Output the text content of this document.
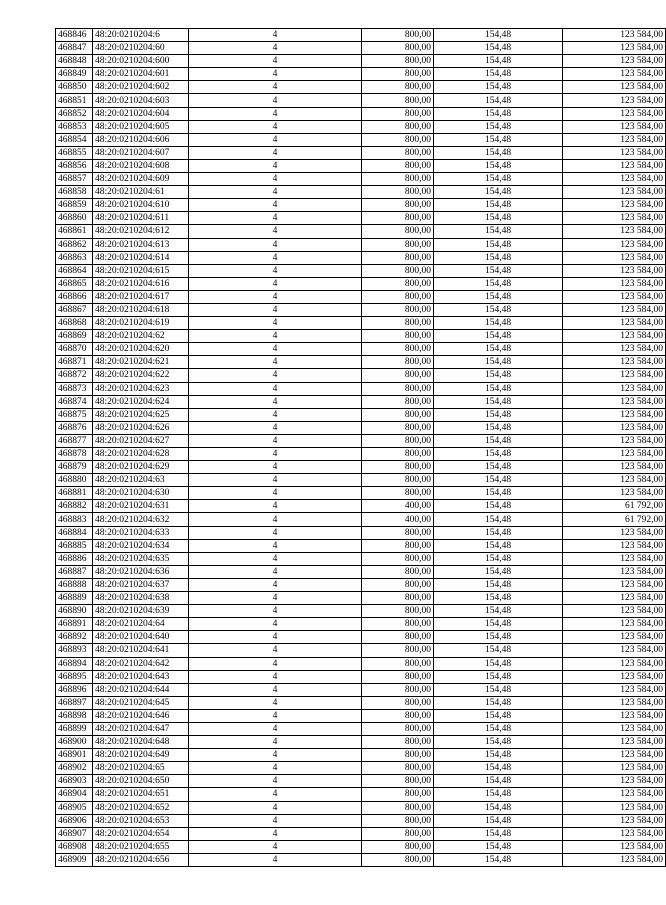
468846	48:20:0210204:6	4	800,00	154,48	123 584,00
468847	48:20:0210204:60	4	800,00	154,48	123 584,00
468848	48:20:0210204:600	4	800,00	154,48	123 584,00
468849	48:20:0210204:601	4	800,00	154,48	123 584,00
468850	48:20:0210204:602	4	800,00	154,48	123 584,00
468851	48:20:0210204:603	4	800,00	154,48	123 584,00
468852	48:20:0210204:604	4	800,00	154,48	123 584,00
468853	48:20:0210204:605	4	800,00	154,48	123 584,00
468854	48:20:0210204:606	4	800,00	154,48	123 584,00
468855	48:20:0210204:607	4	800,00	154,48	123 584,00
468856	48:20:0210204:608	4	800,00	154,48	123 584,00
468857	48:20:0210204:609	4	800,00	154,48	123 584,00
468858	48:20:0210204:61	4	800,00	154,48	123 584,00
468859	48:20:0210204:610	4	800,00	154,48	123 584,00
468860	48:20:0210204:611	4	800,00	154,48	123 584,00
468861	48:20:0210204:612	4	800,00	154,48	123 584,00
468862	48:20:0210204:613	4	800,00	154,48	123 584,00
468863	48:20:0210204:614	4	800,00	154,48	123 584,00
468864	48:20:0210204:615	4	800,00	154,48	123 584,00
468865	48:20:0210204:616	4	800,00	154,48	123 584,00
468866	48:20:0210204:617	4	800,00	154,48	123 584,00
468867	48:20:0210204:618	4	800,00	154,48	123 584,00
468868	48:20:0210204:619	4	800,00	154,48	123 584,00
468869	48:20:0210204:62	4	800,00	154,48	123 584,00
468870	48:20:0210204:620	4	800,00	154,48	123 584,00
468871	48:20:0210204:621	4	800,00	154,48	123 584,00
468872	48:20:0210204:622	4	800,00	154,48	123 584,00
468873	48:20:0210204:623	4	800,00	154,48	123 584,00
468874	48:20:0210204:624	4	800,00	154,48	123 584,00
468875	48:20:0210204:625	4	800,00	154,48	123 584,00
468876	48:20:0210204:626	4	800,00	154,48	123 584,00
468877	48:20:0210204:627	4	800,00	154,48	123 584,00
468878	48:20:0210204:628	4	800,00	154,48	123 584,00
468879	48:20:0210204:629	4	800,00	154,48	123 584,00
468880	48:20:0210204:63	4	800,00	154,48	123 584,00
468881	48:20:0210204:630	4	800,00	154,48	123 584,00
468882	48:20:0210204:631	4	400,00	154,48	61 792,00
468883	48:20:0210204:632	4	400,00	154,48	61 792,00
468884	48:20:0210204:633	4	800,00	154,48	123 584,00
468885	48:20:0210204:634	4	800,00	154,48	123 584,00
468886	48:20:0210204:635	4	800,00	154,48	123 584,00
468887	48:20:0210204:636	4	800,00	154,48	123 584,00
468888	48:20:0210204:637	4	800,00	154,48	123 584,00
468889	48:20:0210204:638	4	800,00	154,48	123 584,00
468890	48:20:0210204:639	4	800,00	154,48	123 584,00
468891	48:20:0210204:64	4	800,00	154,48	123 584,00
468892	48:20:0210204:640	4	800,00	154,48	123 584,00
468893	48:20:0210204:641	4	800,00	154,48	123 584,00
468894	48:20:0210204:642	4	800,00	154,48	123 584,00
468895	48:20:0210204:643	4	800,00	154,48	123 584,00
468896	48:20:0210204:644	4	800,00	154,48	123 584,00
468897	48:20:0210204:645	4	800,00	154,48	123 584,00
468898	48:20:0210204:646	4	800,00	154,48	123 584,00
468899	48:20:0210204:647	4	800,00	154,48	123 584,00
468900	48:20:0210204:648	4	800,00	154,48	123 584,00
468901	48:20:0210204:649	4	800,00	154,48	123 584,00
468902	48:20:0210204:65	4	800,00	154,48	123 584,00
468903	48:20:0210204:650	4	800,00	154,48	123 584,00
468904	48:20:0210204:651	4	800,00	154,48	123 584,00
468905	48:20:0210204:652	4	800,00	154,48	123 584,00
468906	48:20:0210204:653	4	800,00	154,48	123 584,00
468907	48:20:0210204:654	4	800,00	154,48	123 584,00
468908	48:20:0210204:655	4	800,00	154,48	123 584,00
468909	48:20:0210204:656	4	800,00	154,48	123 584,00
